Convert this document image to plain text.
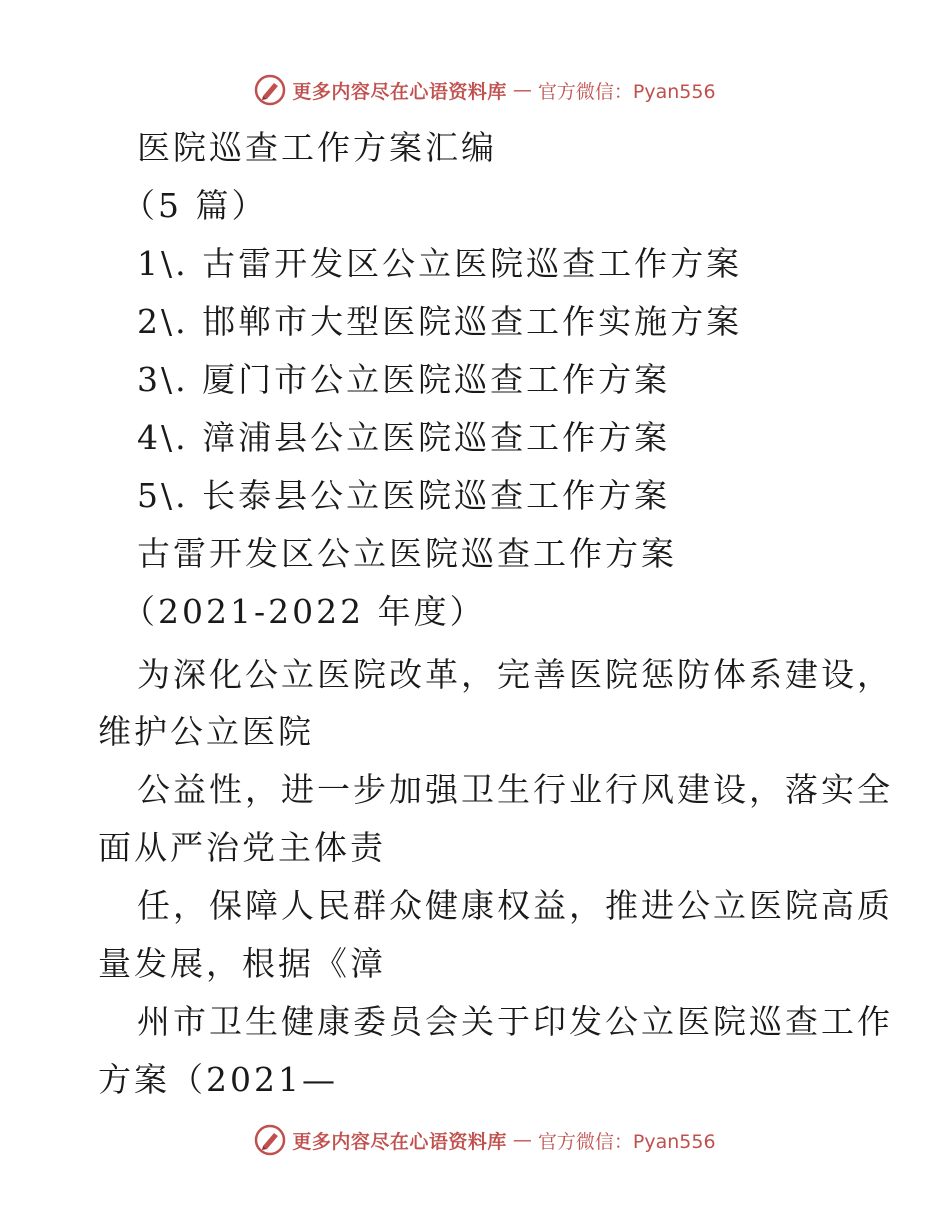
更多内容尽在心语资料库 — 官方微信：Pyan556
医院巡查工作方案汇编
（5 篇）
1\. 古雷开发区公立医院巡查工作方案
2\. 邯郸市大型医院巡查工作实施方案
3\. 厦门市公立医院巡查工作方案
4\. 漳浦县公立医院巡查工作方案
5\. 长泰县公立医院巡查工作方案
古雷开发区公立医院巡查工作方案
（2021-2022 年度）
为深化公立医院改革，完善医院惩防体系建设，
维护公立医院
公益性，进一步加强卫生行业行风建设，落实全
面从严治党主体责
任，保障人民群众健康权益，推进公立医院高质
量发展，根据《漳
州市卫生健康委员会关于印发公立医院巡查工作
方案（2021—
更多内容尽在心语资料库 — 官方微信：Pyan556
